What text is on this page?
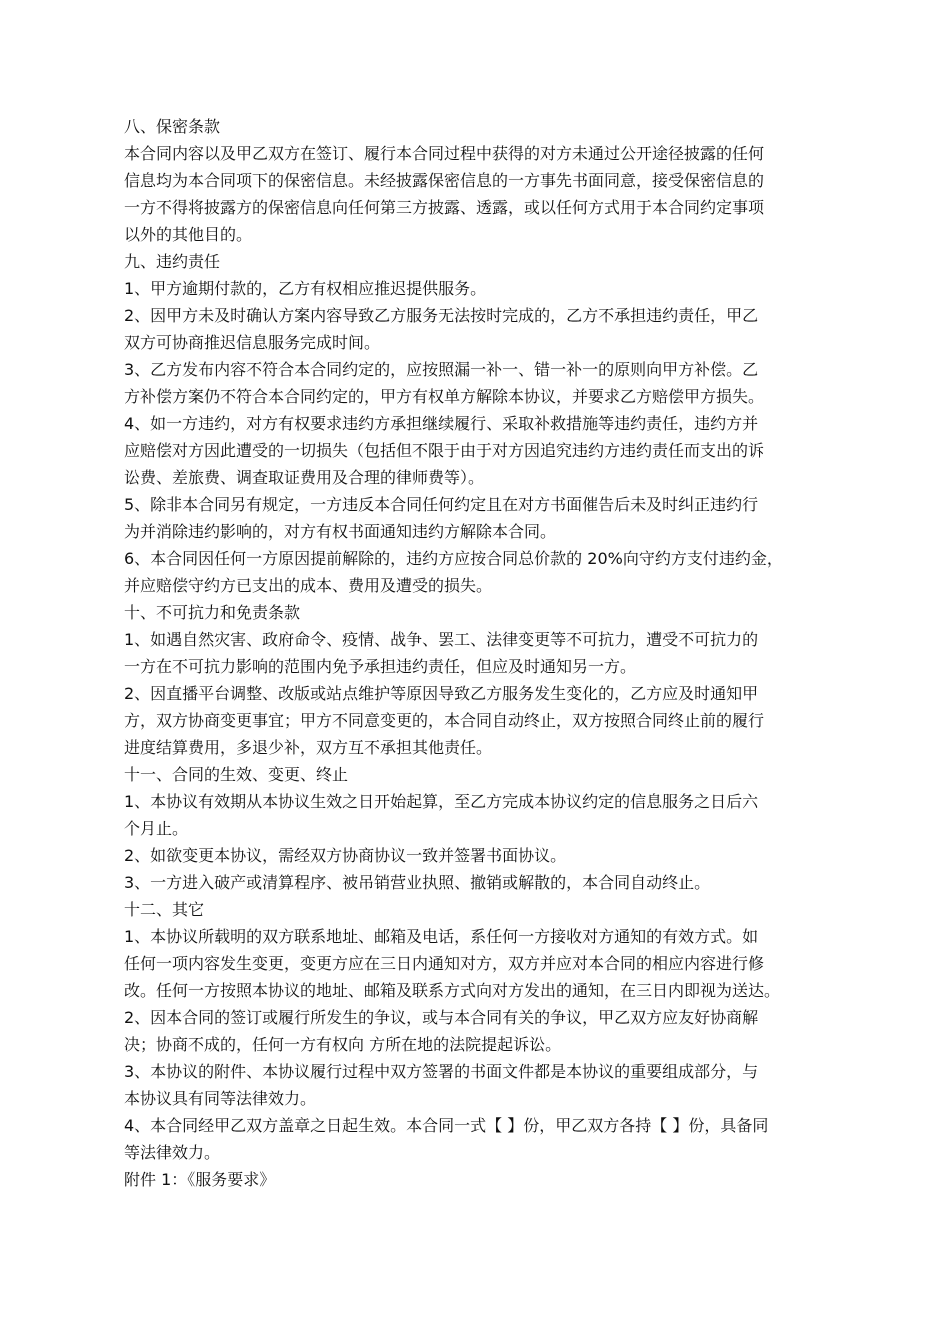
八、保密条款
本合同内容以及甲乙双方在签订、履行本合同过程中获得的对方未通过公开途径披露的任何
信息均为本合同项下的保密信息。未经披露保密信息的一方事先书面同意，接受保密信息的
一方不得将披露方的保密信息向任何第三方披露、透露，或以任何方式用于本合同约定事项
以外的其他目的。
九、违约责任
1、甲方逾期付款的，乙方有权相应推迟提供服务。
2、因甲方未及时确认方案内容导致乙方服务无法按时完成的，乙方不承担违约责任，甲乙
双方可协商推迟信息服务完成时间。
3、乙方发布内容不符合本合同约定的，应按照漏一补一、错一补一的原则向甲方补偿。乙
方补偿方案仍不符合本合同约定的，甲方有权单方解除本协议，并要求乙方赔偿甲方损失。
4、如一方违约，对方有权要求违约方承担继续履行、采取补救措施等违约责任，违约方并
应赔偿对方因此遭受的一切损失（包括但不限于由于对方因追究违约方违约责任而支出的诉
讼费、差旅费、调查取证费用及合理的律师费等）。
5、除非本合同另有规定，一方违反本合同任何约定且在对方书面催告后未及时纠正违约行
为并消除违约影响的，对方有权书面通知违约方解除本合同。
6、本合同因任何一方原因提前解除的，违约方应按合同总价款的 20%向守约方支付违约金，
并应赔偿守约方已支出的成本、费用及遭受的损失。
十、不可抗力和免责条款
1、如遇自然灾害、政府命令、疫情、战争、罢工、法律变更等不可抗力，遭受不可抗力的
一方在不可抗力影响的范围内免予承担违约责任，但应及时通知另一方。
2、因直播平台调整、改版或站点维护等原因导致乙方服务发生变化的，乙方应及时通知甲
方，双方协商变更事宜；甲方不同意变更的，本合同自动终止，双方按照合同终止前的履行
进度结算费用，多退少补，双方互不承担其他责任。
十一、合同的生效、变更、终止
1、本协议有效期从本协议生效之日开始起算，至乙方完成本协议约定的信息服务之日后六
个月止。
2、如欲变更本协议，需经双方协商协议一致并签署书面协议。
3、一方进入破产或清算程序、被吊销营业执照、撤销或解散的，本合同自动终止。
十二、其它
1、本协议所载明的双方联系地址、邮箱及电话，系任何一方接收对方通知的有效方式。如
任何一项内容发生变更，变更方应在三日内通知对方，双方并应对本合同的相应内容进行修
改。任何一方按照本协议的地址、邮箱及联系方式向对方发出的通知，在三日内即视为送达。
2、因本合同的签订或履行所发生的争议，或与本合同有关的争议，甲乙双方应友好协商解
决；协商不成的，任何一方有权向 方所在地的法院提起诉讼。
3、本协议的附件、本协议履行过程中双方签署的书面文件都是本协议的重要组成部分，与
本协议具有同等法律效力。
4、本合同经甲乙双方盖章之日起生效。本合同一式【 】份，甲乙双方各持【 】份，具备同
等法律效力。
附件 1：《服务要求》
